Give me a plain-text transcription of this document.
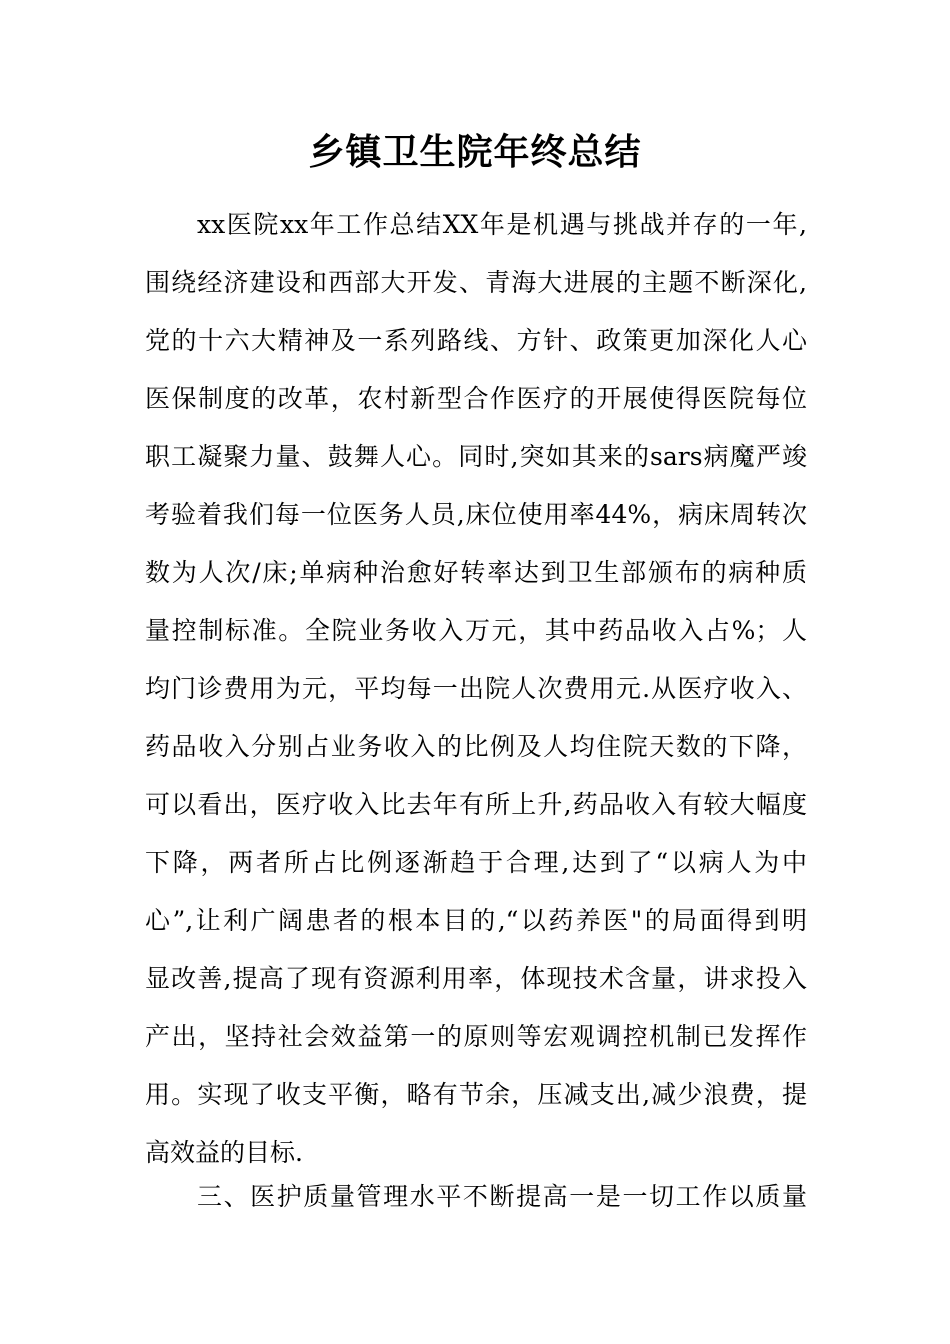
乡镇卫生院年终总结
xx医院xx年工作总结XX年是机遇与挑战并存的一年,
围绕经济建设和西部大开发、青海大进展的主题不断深化,
党的十六大精神及一系列路线、方针、政策更加深化人心
医保制度的改革，农村新型合作医疗的开展使得医院每位
职工凝聚力量、鼓舞人心。同时,突如其来的sars病魔严竣
考验着我们每一位医务人员,床位使用率44%，病床周转次
数为人次/床;单病种治愈好转率达到卫生部颁布的病种质
量控制标准。全院业务收入万元，其中药品收入占%；人
均门诊费用为元，平均每一出院人次费用元.从医疗收入、
药品收入分别占业务收入的比例及人均住院天数的下降，
可以看出，医疗收入比去年有所上升,药品收入有较大幅度
下降，两者所占比例逐渐趋于合理,达到了“以病人为中
心”,让利广阔患者的根本目的,“以药养医"的局面得到明
显改善,提高了现有资源利用率，体现技术含量，讲求投入
产出，坚持社会效益第一的原则等宏观调控机制已发挥作
用。实现了收支平衡，略有节余，压减支出,减少浪费，提
高效益的目标.
三、医护质量管理水平不断提高一是一切工作以质量
